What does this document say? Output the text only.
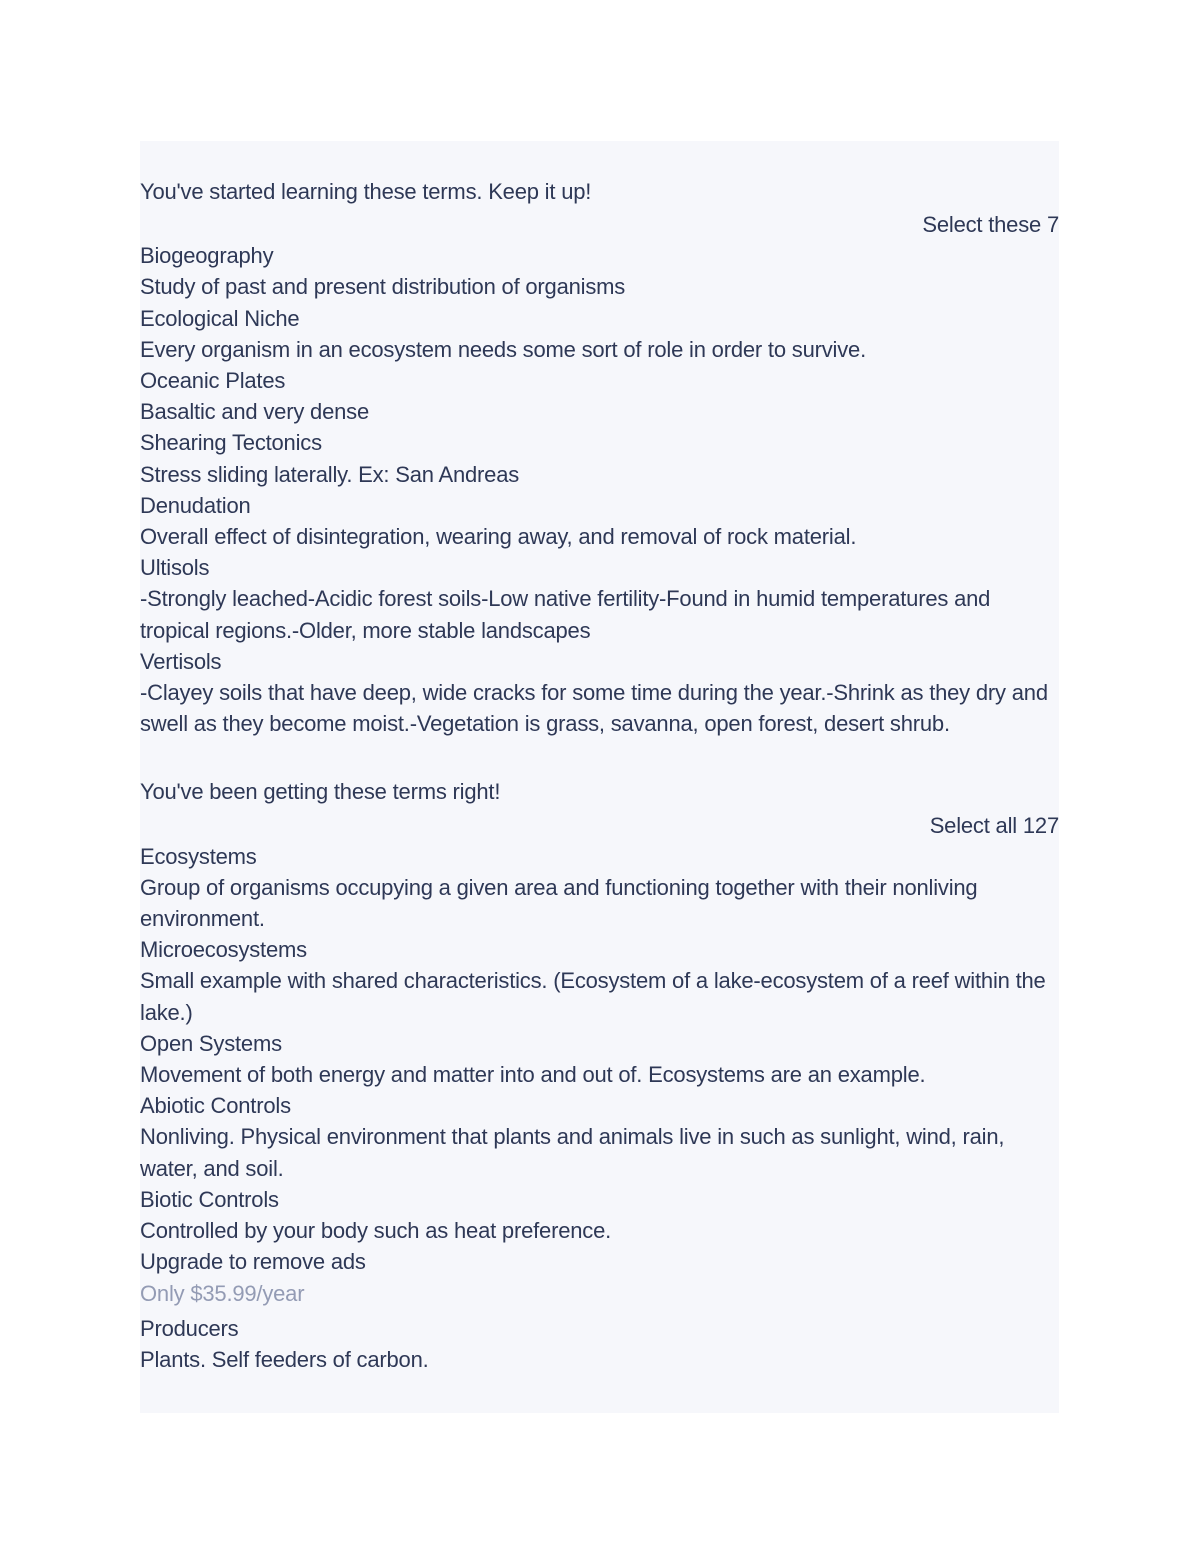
You've started learning these terms. Keep it up!
Select these 7
Biogeography
Study of past and present distribution of organisms
Ecological Niche
Every organism in an ecosystem needs some sort of role in order to survive.
Oceanic Plates
Basaltic and very dense
Shearing Tectonics
Stress sliding laterally. Ex: San Andreas
Denudation
Overall effect of disintegration, wearing away, and removal of rock material.
Ultisols
-Strongly leached-Acidic forest soils-Low native fertility-Found in humid temperatures and tropical regions.-Older, more stable landscapes
Vertisols
-Clayey soils that have deep, wide cracks for some time during the year.-Shrink as they dry and swell as they become moist.-Vegetation is grass, savanna, open forest, desert shrub.
You've been getting these terms right!
Select all 127
Ecosystems
Group of organisms occupying a given area and functioning together with their nonliving environment.
Microecosystems
Small example with shared characteristics. (Ecosystem of a lake-ecosystem of a reef within the lake.)
Open Systems
Movement of both energy and matter into and out of. Ecosystems are an example.
Abiotic Controls
Nonliving. Physical environment that plants and animals live in such as sunlight, wind, rain, water, and soil.
Biotic Controls
Controlled by your body such as heat preference.
Upgrade to remove ads
Only $35.99/year
Producers
Plants. Self feeders of carbon.
